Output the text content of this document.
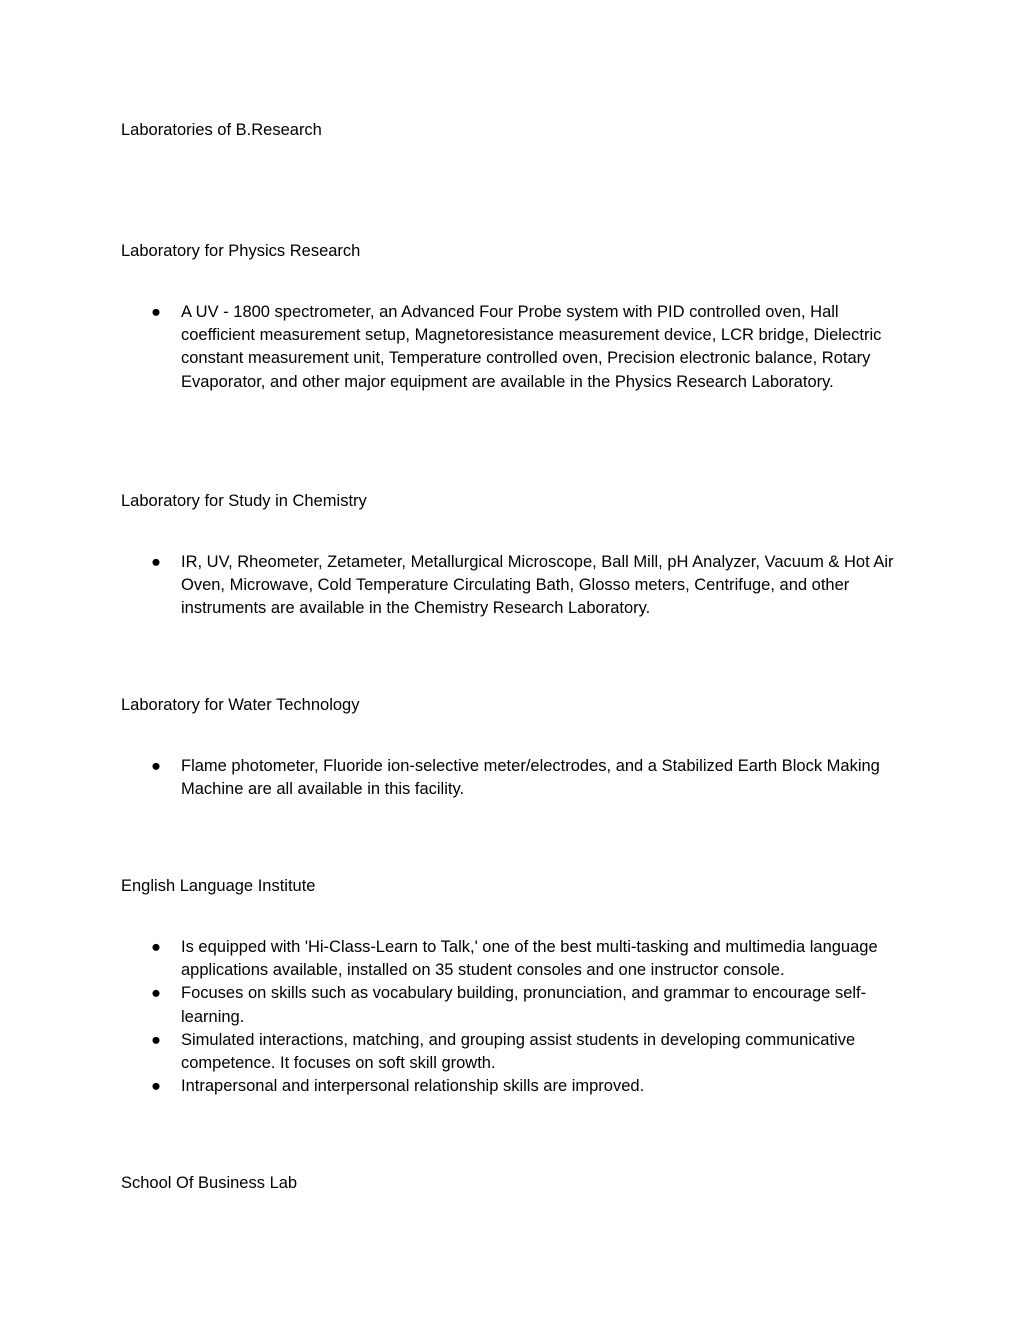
Laboratories of B.Research
Laboratory for Physics Research
● A UV - 1800 spectrometer, an Advanced Four Probe system with PID controlled oven, Hall coefficient measurement setup, Magnetoresistance measurement device, LCR bridge, Dielectric constant measurement unit, Temperature controlled oven, Precision electronic balance, Rotary Evaporator, and other major equipment are available in the Physics Research Laboratory.
Laboratory for Study in Chemistry
● IR, UV, Rheometer, Zetameter, Metallurgical Microscope, Ball Mill, pH Analyzer, Vacuum & Hot Air Oven, Microwave, Cold Temperature Circulating Bath, Glosso meters, Centrifuge, and other instruments are available in the Chemistry Research Laboratory.
Laboratory for Water Technology
● Flame photometer, Fluoride ion-selective meter/electrodes, and a Stabilized Earth Block Making Machine are all available in this facility.
English Language Institute
● Is equipped with 'Hi-Class-Learn to Talk,' one of the best multi-tasking and multimedia language applications available, installed on 35 student consoles and one instructor console.
● Focuses on skills such as vocabulary building, pronunciation, and grammar to encourage self-learning.
● Simulated interactions, matching, and grouping assist students in developing communicative competence. It focuses on soft skill growth.
● Intrapersonal and interpersonal relationship skills are improved.
School Of Business Lab
